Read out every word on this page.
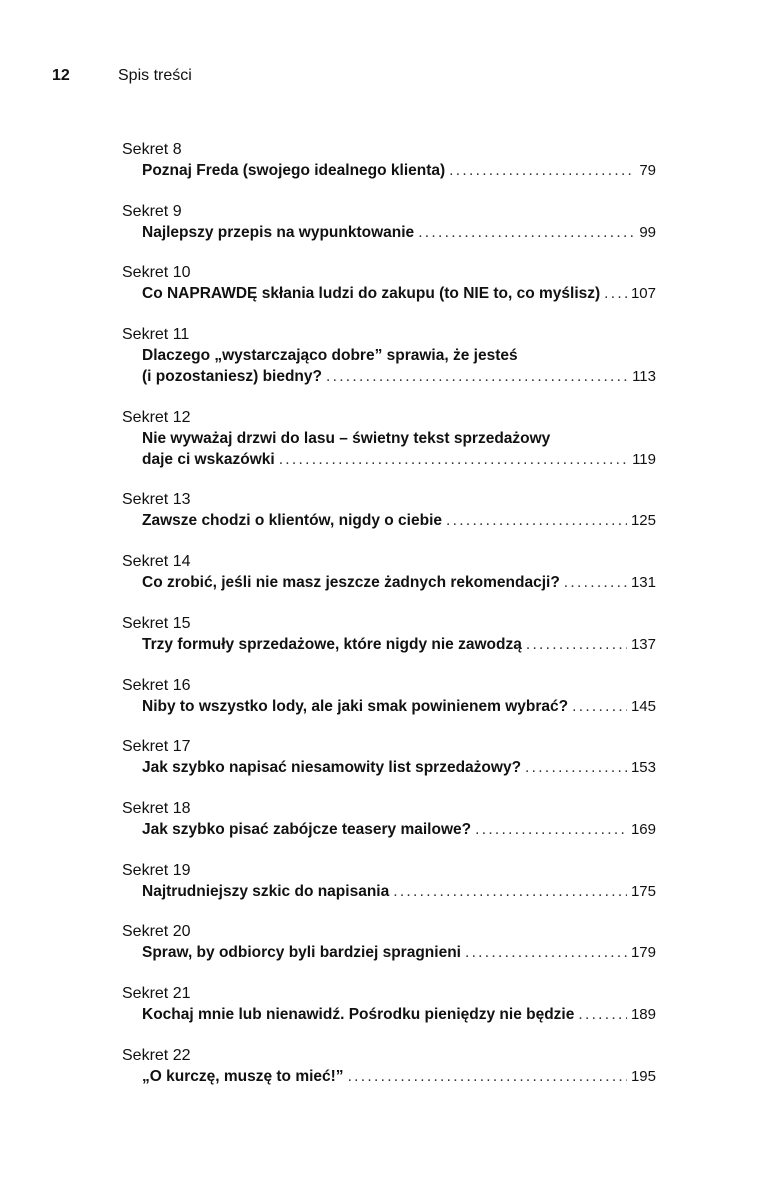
12	Spis treści
Sekret 8
Poznaj Freda (swojego idealnego klienta) .....	79
Sekret 9
Najlepszy przepis na wypunktowanie .....	99
Sekret 10
Co NAPRAWDĘ skłania ludzi do zakupu (to NIE to, co myślisz) ..... 107
Sekret 11
Dlaczego „wystarczająco dobre” sprawia, że jesteś
(i pozostaniesz) biedny? .....	113
Sekret 12
Nie wyważaj drzwi do lasu – świetny tekst sprzedażowy
daje ci wskazówki .....	119
Sekret 13
Zawsze chodzi o klientów, nigdy o ciebie .....	125
Sekret 14
Co zrobić, jeśli nie masz jeszcze żadnych rekomendacji? .....	131
Sekret 15
Trzy formuły sprzedażowe, które nigdy nie zawodzą .....	137
Sekret 16
Niby to wszystko lody, ale jaki smak powinienem wybrać? .....	145
Sekret 17
Jak szybko napisać niesamowity list sprzedażowy? .....	153
Sekret 18
Jak szybko pisać zabójcze teasery mailowe? .....	169
Sekret 19
Najtrudniejszy szkic do napisania .....	175
Sekret 20
Spraw, by odbiorcy byli bardziej spragnieni .....	179
Sekret 21
Kochaj mnie lub nienawidź. Pośrodku pieniędzy nie będzie .....	189
Sekret 22
„O kurczę, muszę to mieć!” .....	195
